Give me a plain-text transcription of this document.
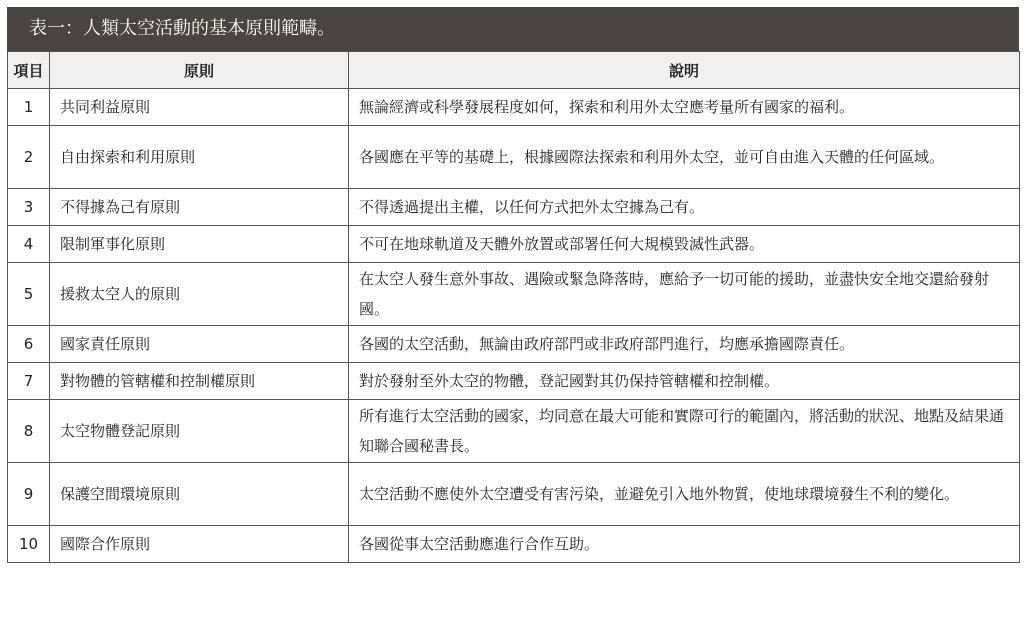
表一：人類太空活動的基本原則範疇。
項目	原則	說明
1	共同利益原則	無論經濟或科學發展程度如何，探索和利用外太空應考量所有國家的福利。
2	自由探索和利用原則	各國應在平等的基礎上，根據國際法探索和利用外太空，並可自由進入天體的任何區域。
3	不得據為己有原則	不得透過提出主權，以任何方式把外太空據為己有。
4	限制軍事化原則	不可在地球軌道及天體外放置或部署任何大規模毀滅性武器。
5	援救太空人的原則	在太空人發生意外事故、遇險或緊急降落時，應給予一切可能的援助，並盡快安全地交還給發射國。
6	國家責任原則	各國的太空活動，無論由政府部門或非政府部門進行，均應承擔國際責任。
7	對物體的管轄權和控制權原則	對於發射至外太空的物體，登記國對其仍保持管轄權和控制權。
8	太空物體登記原則	所有進行太空活動的國家，均同意在最大可能和實際可行的範圍內，將活動的狀況、地點及結果通知聯合國秘書長。
9	保護空間環境原則	太空活動不應使外太空遭受有害污染，並避免引入地外物質，使地球環境發生不利的變化。
10	國際合作原則	各國從事太空活動應進行合作互助。
